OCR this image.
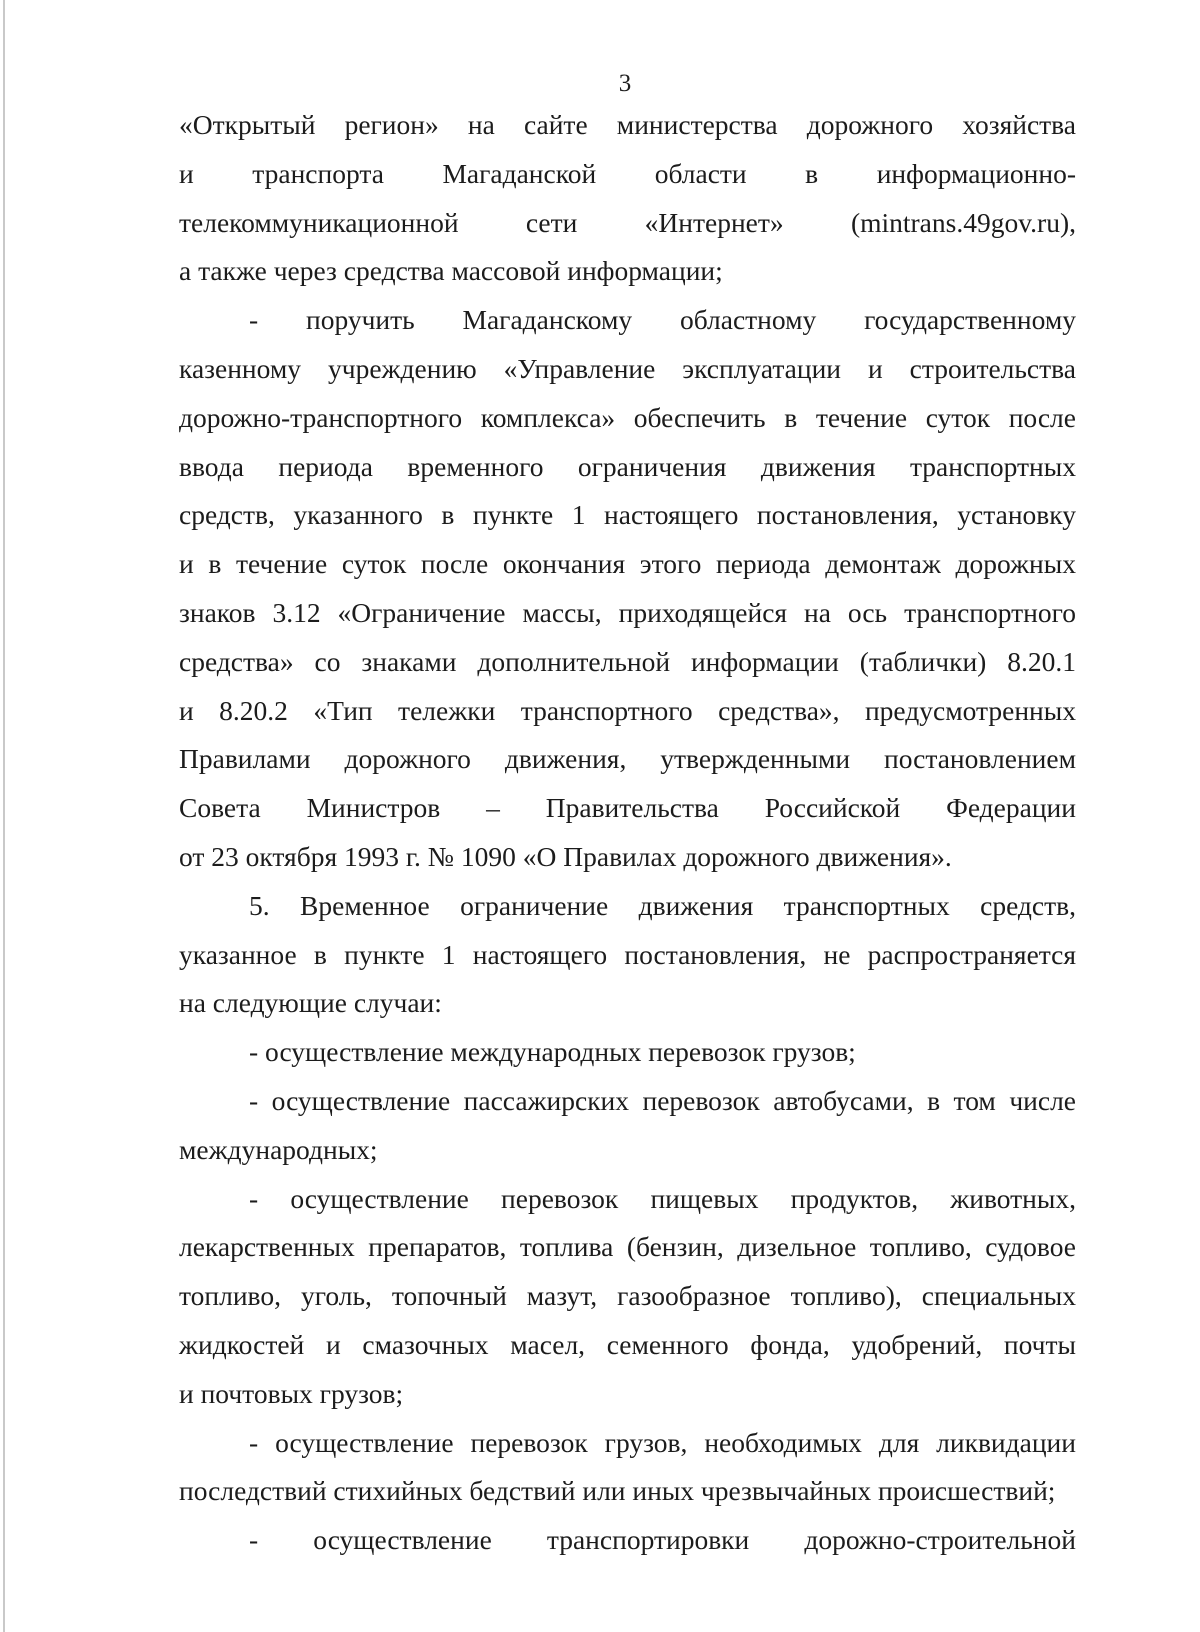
3
«Открытый регион» на сайте министерства дорожного хозяйства
и транспорта Магаданской области в информационно-
телекоммуникационной сети «Интернет» (mintrans.49gov.ru),
а также через средства массовой информации;
- поручить Магаданскому областному государственному
казенному учреждению «Управление эксплуатации и строительства
дорожно-транспортного комплекса» обеспечить в течение суток после
ввода периода временного ограничения движения транспортных
средств, указанного в пункте 1 настоящего постановления, установку
и в течение суток после окончания этого периода демонтаж дорожных
знаков 3.12 «Ограничение массы, приходящейся на ось транспортного
средства» со знаками дополнительной информации (таблички) 8.20.1
и 8.20.2 «Тип тележки транспортного средства», предусмотренных
Правилами дорожного движения, утвержденными постановлением
Совета Министров – Правительства Российской Федерации
от 23 октября 1993 г. № 1090 «О Правилах дорожного движения».
5. Временное ограничение движения транспортных средств,
указанное в пункте 1 настоящего постановления, не распространяется
на следующие случаи:
- осуществление международных перевозок грузов;
- осуществление пассажирских перевозок автобусами, в том числе
международных;
- осуществление перевозок пищевых продуктов, животных,
лекарственных препаратов, топлива (бензин, дизельное топливо, судовое
топливо, уголь, топочный мазут, газообразное топливо), специальных
жидкостей и смазочных масел, семенного фонда, удобрений, почты
и почтовых грузов;
- осуществление перевозок грузов, необходимых для ликвидации
последствий стихийных бедствий или иных чрезвычайных происшествий;
- осуществление транспортировки дорожно-строительной
